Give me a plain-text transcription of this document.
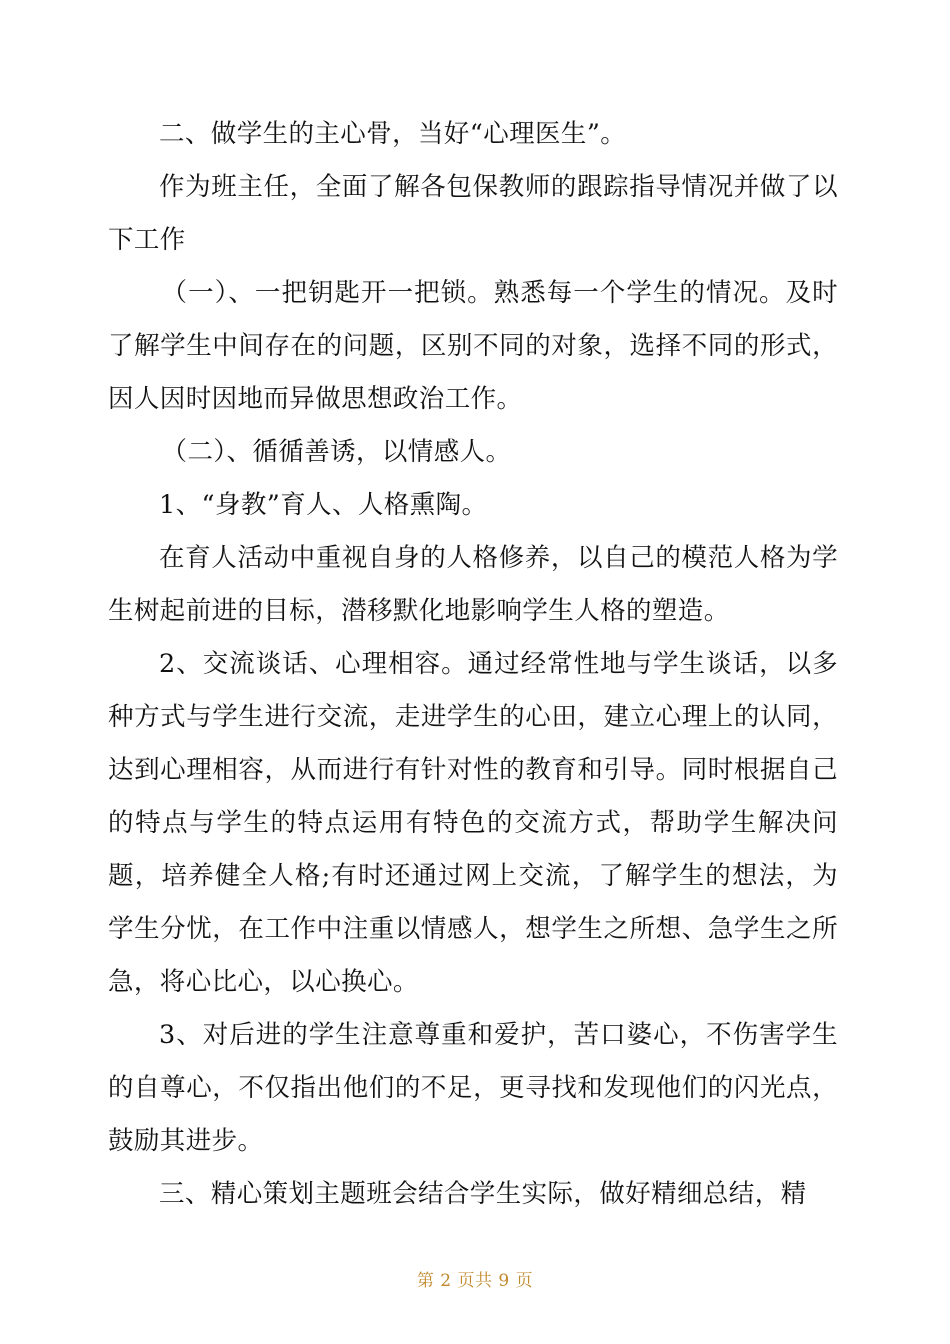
二、做学生的主心骨，当好“心理医生”。

作为班主任，全面了解各包保教师的跟踪指导情况并做了以下工作

（一）、一把钥匙开一把锁。熟悉每一个学生的情况。及时了解学生中间存在的问题，区别不同的对象，选择不同的形式，因人因时因地而异做思想政治工作。

（二）、循循善诱，以情感人。

1、“身教”育人、人格熏陶。

在育人活动中重视自身的人格修养，以自己的模范人格为学生树起前进的目标，潜移默化地影响学生人格的塑造。

2、交流谈话、心理相容。通过经常性地与学生谈话，以多种方式与学生进行交流，走进学生的心田，建立心理上的认同，达到心理相容，从而进行有针对性的教育和引导。同时根据自己的特点与学生的特点运用有特色的交流方式，帮助学生解决问题，培养健全人格;有时还通过网上交流，了解学生的想法，为学生分忧，在工作中注重以情感人，想学生之所想、急学生之所急，将心比心，以心换心。

3、对后进的学生注意尊重和爱护，苦口婆心，不伤害学生的自尊心，不仅指出他们的不足，更寻找和发现他们的闪光点，鼓励其进步。

三、精心策划主题班会结合学生实际，做好精细总结，精

第 2 页共 9 页
